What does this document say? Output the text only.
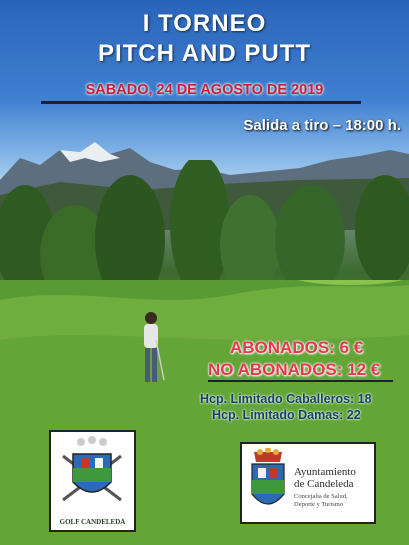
I TORNEO
PITCH AND PUTT
SABADO, 24 DE AGOSTO DE 2019
Salida a tiro – 18:00 h.
ABONADOS: 6 €
NO ABONADOS: 12 €
Hcp. Limitado Caballeros: 18
Hcp. Limitado Damas: 22
GOLF CANDELEDA
Ayuntamiento
de Candeleda
Concejalía de Salud,
Deporte y Turismo
